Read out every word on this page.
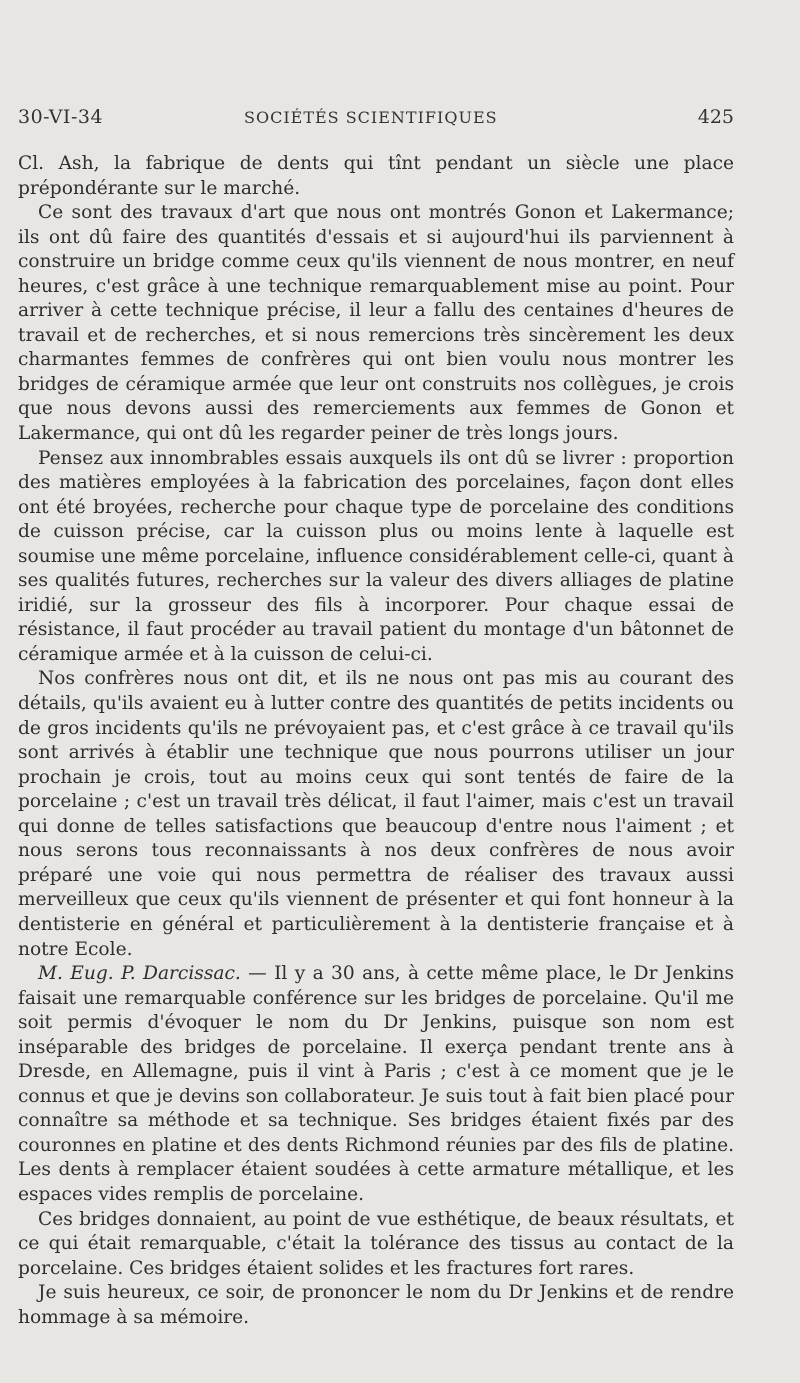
30-VI-34	SOCIÉTÉS SCIENTIFIQUES	425

Cl. Ash, la fabrique de dents qui tînt pendant un siècle une place prépondérante sur le marché.

Ce sont des travaux d'art que nous ont montrés Gonon et Lakermance; ils ont dû faire des quantités d'essais et si aujourd'hui ils parviennent à construire un bridge comme ceux qu'ils viennent de nous montrer, en neuf heures, c'est grâce à une technique remarquablement mise au point. Pour arriver à cette technique précise, il leur a fallu des centaines d'heures de travail et de recherches, et si nous remercions très sincèrement les deux charmantes femmes de confrères qui ont bien voulu nous montrer les bridges de céramique armée que leur ont construits nos collègues, je crois que nous devons aussi des remerciements aux femmes de Gonon et Lakermance, qui ont dû les regarder peiner de très longs jours.

Pensez aux innombrables essais auxquels ils ont dû se livrer : proportion des matières employées à la fabrication des porcelaines, façon dont elles ont été broyées, recherche pour chaque type de porcelaine des conditions de cuisson précise, car la cuisson plus ou moins lente à laquelle est soumise une même porcelaine, influence considérablement celle-ci, quant à ses qualités futures, recherches sur la valeur des divers alliages de platine iridié, sur la grosseur des fils à incorporer. Pour chaque essai de résistance, il faut procéder au travail patient du montage d'un bâtonnet de céramique armée et à la cuisson de celui-ci.

Nos confrères nous ont dit, et ils ne nous ont pas mis au courant des détails, qu'ils avaient eu à lutter contre des quantités de petits incidents ou de gros incidents qu'ils ne prévoyaient pas, et c'est grâce à ce travail qu'ils sont arrivés à établir une technique que nous pourrons utiliser un jour prochain je crois, tout au moins ceux qui sont tentés de faire de la porcelaine ; c'est un travail très délicat, il faut l'aimer, mais c'est un travail qui donne de telles satisfactions que beaucoup d'entre nous l'aiment ; et nous serons tous reconnaissants à nos deux confrères de nous avoir préparé une voie qui nous permettra de réaliser des travaux aussi merveilleux que ceux qu'ils viennent de présenter et qui font honneur à la dentisterie en général et particulièrement à la dentisterie française et à notre Ecole.

M. Eug. P. Darcissac. — Il y a 30 ans, à cette même place, le Dr Jenkins faisait une remarquable conférence sur les bridges de porcelaine. Qu'il me soit permis d'évoquer le nom du Dr Jenkins, puisque son nom est inséparable des bridges de porcelaine. Il exerça pendant trente ans à Dresde, en Allemagne, puis il vint à Paris ; c'est à ce moment que je le connus et que je devins son collaborateur. Je suis tout à fait bien placé pour connaître sa méthode et sa technique. Ses bridges étaient fixés par des couronnes en platine et des dents Richmond réunies par des fils de platine. Les dents à remplacer étaient soudées à cette armature métallique, et les espaces vides remplis de porcelaine.

Ces bridges donnaient, au point de vue esthétique, de beaux résultats, et ce qui était remarquable, c'était la tolérance des tissus au contact de la porcelaine. Ces bridges étaient solides et les fractures fort rares.

Je suis heureux, ce soir, de prononcer le nom du Dr Jenkins et de rendre hommage à sa mémoire.
